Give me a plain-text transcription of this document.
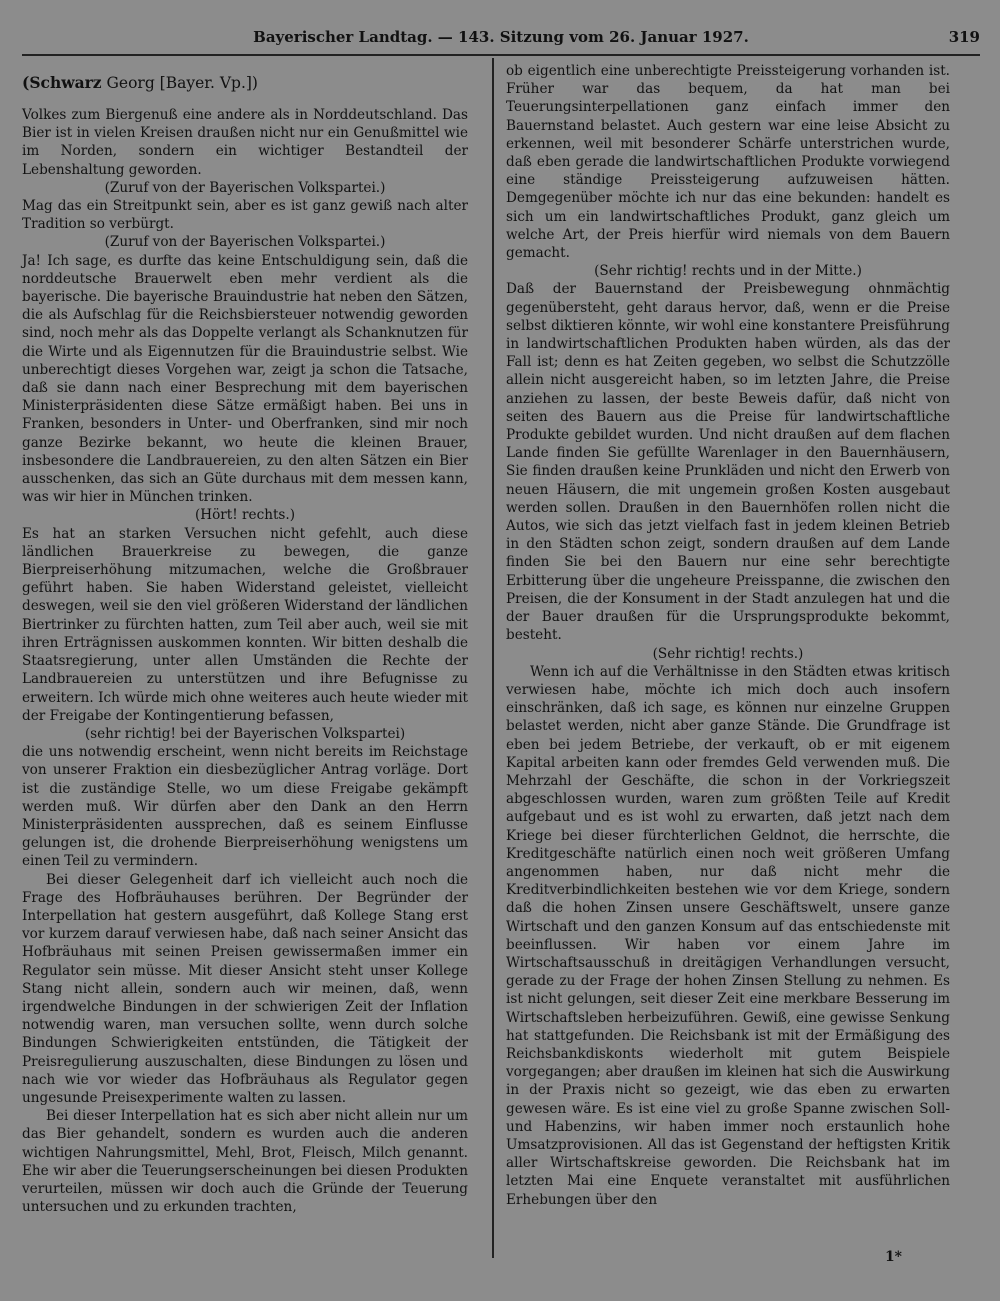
Bayerischer Landtag. — 143. Sitzung vom 26. Januar 1927.	319
(Schwarz Georg [Bayer. Vp.])

Volkes zum Biergenuß eine andere als in Norddeutschland. Das Bier ist in vielen Kreisen draußen nicht nur ein Genußmittel wie im Norden, sondern ein wichtiger Bestandteil der Lebenshaltung geworden.

(Zuruf von der Bayerischen Volkspartei.)

Mag das ein Streitpunkt sein, aber es ist ganz gewiß nach alter Tradition so verbürgt.

(Zuruf von der Bayerischen Volkspartei.)

Ja! Ich sage, es durfte das keine Entschuldigung sein, daß die norddeutsche Brauerwelt eben mehr verdient als die bayerische. Die bayerische Brauindustrie hat neben den Sätzen, die als Aufschlag für die Reichsbiersteuer notwendig geworden sind, noch mehr als das Doppelte verlangt als Schanknutzen für die Wirte und als Eigennutzen für die Brauindustrie selbst. Wie unberechtigt dieses Vorgehen war, zeigt ja schon die Tatsache, daß sie dann nach einer Besprechung mit dem bayerischen Ministerpräsidenten diese Sätze ermäßigt haben. Bei uns in Franken, besonders in Unter- und Oberfranken, sind mir noch ganze Bezirke bekannt, wo heute die kleinen Brauer, insbesondere die Landbrauereien, zu den alten Sätzen ein Bier ausschenken, das sich an Güte durchaus mit dem messen kann, was wir hier in München trinken.

(Hört! rechts.)

Es hat an starken Versuchen nicht gefehlt, auch diese ländlichen Brauerkreise zu bewegen, die ganze Bierpreiserhöhung mitzumachen, welche die Großbrauer geführt haben. Sie haben Widerstand geleistet, vielleicht deswegen, weil sie den viel größeren Widerstand der ländlichen Biertrinker zu fürchten hatten, zum Teil aber auch, weil sie mit ihren Erträgnissen auskommen konnten. Wir bitten deshalb die Staatsregierung, unter allen Umständen die Rechte der Landbrauereien zu unterstützen und ihre Befugnisse zu erweitern. Ich würde mich ohne weiteres auch heute wieder mit der Freigabe der Kontingentierung befassen,

(sehr richtig! bei der Bayerischen Volkspartei)

die uns notwendig erscheint, wenn nicht bereits im Reichstage von unserer Fraktion ein diesbezüglicher Antrag vorläge. Dort ist die zuständige Stelle, wo um diese Freigabe gekämpft werden muß. Wir dürfen aber den Dank an den Herrn Ministerpräsidenten aussprechen, daß es seinem Einflusse gelungen ist, die drohende Bierpreiserhöhung wenigstens um einen Teil zu vermindern.

Bei dieser Gelegenheit darf ich vielleicht auch noch die Frage des Hofbräuhauses berühren. Der Begründer der Interpellation hat gestern ausgeführt, daß Kollege Stang erst vor kurzem darauf verwiesen habe, daß nach seiner Ansicht das Hofbräuhaus mit seinen Preisen gewissermaßen immer ein Regulator sein müsse. Mit dieser Ansicht steht unser Kollege Stang nicht allein, sondern auch wir meinen, daß, wenn irgendwelche Bindungen in der schwierigen Zeit der Inflation notwendig waren, man versuchen sollte, wenn durch solche Bindungen Schwierigkeiten entstünden, die Tätigkeit der Preisregulierung auszuschalten, diese Bindungen zu lösen und nach wie vor wieder das Hofbräuhaus als Regulator gegen ungesunde Preisexperimente walten zu lassen.

Bei dieser Interpellation hat es sich aber nicht allein nur um das Bier gehandelt, sondern es wurden auch die anderen wichtigen Nahrungsmittel, Mehl, Brot, Fleisch, Milch genannt. Ehe wir aber die Teuerungserscheinungen bei diesen Produkten verurteilen, müssen wir doch auch die Gründe der Teuerung untersuchen und zu erkunden trachten,

ob eigentlich eine unberechtigte Preissteigerung vorhanden ist. Früher war das bequem, da hat man bei Teuerungsinterpellationen ganz einfach immer den Bauernstand belastet. Auch gestern war eine leise Absicht zu erkennen, weil mit besonderer Schärfe unterstrichen wurde, daß eben gerade die landwirtschaftlichen Produkte vorwiegend eine ständige Preissteigerung aufzuweisen hätten. Demgegenüber möchte ich nur das eine bekunden: handelt es sich um ein landwirtschaftliches Produkt, ganz gleich um welche Art, der Preis hierfür wird niemals von dem Bauern gemacht.

(Sehr richtig! rechts und in der Mitte.)

Daß der Bauernstand der Preisbewegung ohnmächtig gegenübersteht, geht daraus hervor, daß, wenn er die Preise selbst diktieren könnte, wir wohl eine konstantere Preisführung in landwirtschaftlichen Produkten haben würden, als das der Fall ist; denn es hat Zeiten gegeben, wo selbst die Schutzzölle allein nicht ausgereicht haben, so im letzten Jahre, die Preise anziehen zu lassen, der beste Beweis dafür, daß nicht von seiten des Bauern aus die Preise für landwirtschaftliche Produkte gebildet wurden. Und nicht draußen auf dem flachen Lande finden Sie gefüllte Warenlager in den Bauernhäusern, Sie finden draußen keine Prunkläden und nicht den Erwerb von neuen Häusern, die mit ungemein großen Kosten ausgebaut werden sollen. Draußen in den Bauernhöfen rollen nicht die Autos, wie sich das jetzt vielfach fast in jedem kleinen Betrieb in den Städten schon zeigt, sondern draußen auf dem Lande finden Sie bei den Bauern nur eine sehr berechtigte Erbitterung über die ungeheure Preisspanne, die zwischen den Preisen, die der Konsument in der Stadt anzulegen hat und die der Bauer draußen für die Ursprungsprodukte bekommt, besteht.

(Sehr richtig! rechts.)

Wenn ich auf die Verhältnisse in den Städten etwas kritisch verwiesen habe, möchte ich mich doch auch insofern einschränken, daß ich sage, es können nur einzelne Gruppen belastet werden, nicht aber ganze Stände. Die Grundfrage ist eben bei jedem Betriebe, der verkauft, ob er mit eigenem Kapital arbeiten kann oder fremdes Geld verwenden muß. Die Mehrzahl der Geschäfte, die schon in der Vorkriegszeit abgeschlossen wurden, waren zum größten Teile auf Kredit aufgebaut und es ist wohl zu erwarten, daß jetzt nach dem Kriege bei dieser fürchterlichen Geldnot, die herrschte, die Kreditgeschäfte natürlich einen noch weit größeren Umfang angenommen haben, nur daß nicht mehr die Kreditverbindlichkeiten bestehen wie vor dem Kriege, sondern daß die hohen Zinsen unsere Geschäftswelt, unsere ganze Wirtschaft und den ganzen Konsum auf das entschiedenste mit beeinflussen. Wir haben vor einem Jahre im Wirtschaftsausschuß in dreitägigen Verhandlungen versucht, gerade zu der Frage der hohen Zinsen Stellung zu nehmen. Es ist nicht gelungen, seit dieser Zeit eine merkbare Besserung im Wirtschaftsleben herbeizuführen. Gewiß, eine gewisse Senkung hat stattgefunden. Die Reichsbank ist mit der Ermäßigung des Reichsbankdiskonts wiederholt mit gutem Beispiele vorgegangen; aber draußen im kleinen hat sich die Auswirkung in der Praxis nicht so gezeigt, wie das eben zu erwarten gewesen wäre. Es ist eine viel zu große Spanne zwischen Soll- und Habenzins, wir haben immer noch erstaunlich hohe Umsatzprovisionen. All das ist Gegenstand der heftigsten Kritik aller Wirtschaftskreise geworden. Die Reichsbank hat im letzten Mai eine Enquete veranstaltet mit ausführlichen Erhebungen über den

1*
